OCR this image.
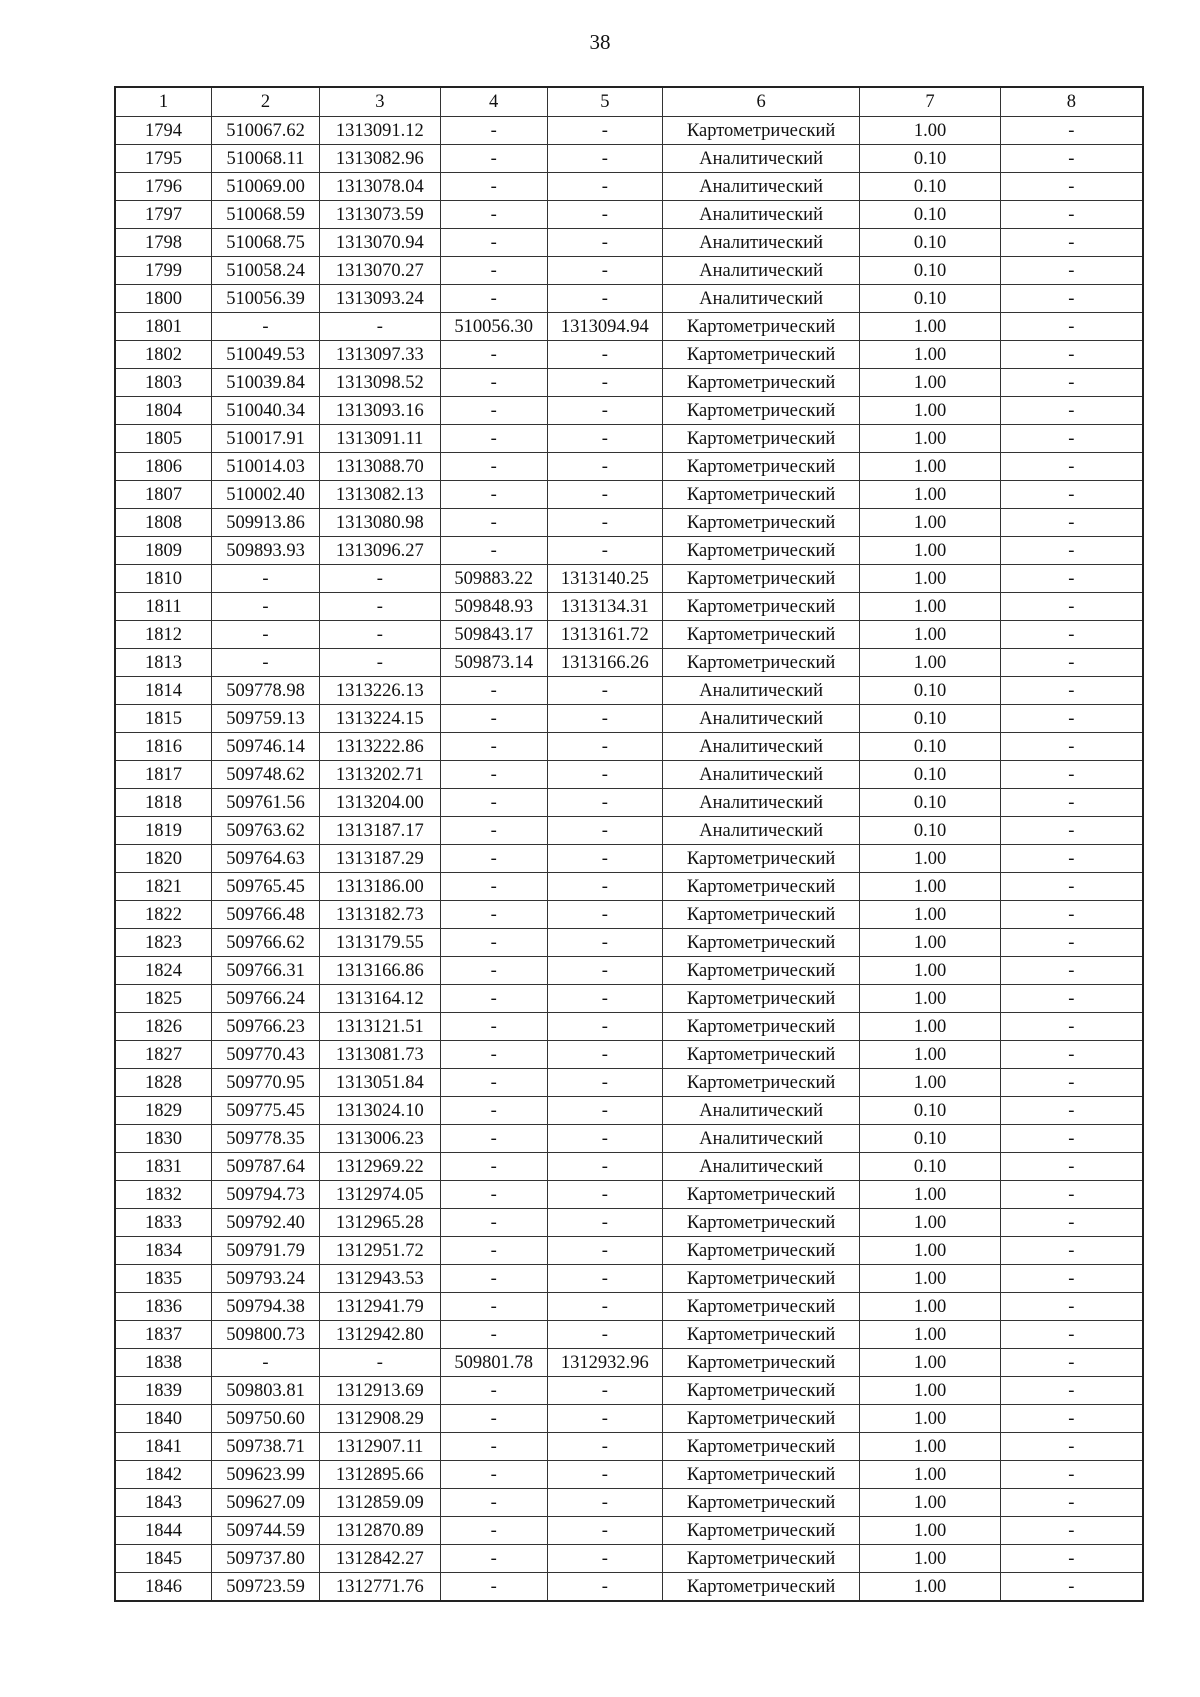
38
1	2	3	4	5	6	7	8
1794	510067.62	1313091.12	-	-	Картометрический	1.00	-
1795	510068.11	1313082.96	-	-	Аналитический	0.10	-
1796	510069.00	1313078.04	-	-	Аналитический	0.10	-
1797	510068.59	1313073.59	-	-	Аналитический	0.10	-
1798	510068.75	1313070.94	-	-	Аналитический	0.10	-
1799	510058.24	1313070.27	-	-	Аналитический	0.10	-
1800	510056.39	1313093.24	-	-	Аналитический	0.10	-
1801	-	-	510056.30	1313094.94	Картометрический	1.00	-
1802	510049.53	1313097.33	-	-	Картометрический	1.00	-
1803	510039.84	1313098.52	-	-	Картометрический	1.00	-
1804	510040.34	1313093.16	-	-	Картометрический	1.00	-
1805	510017.91	1313091.11	-	-	Картометрический	1.00	-
1806	510014.03	1313088.70	-	-	Картометрический	1.00	-
1807	510002.40	1313082.13	-	-	Картометрический	1.00	-
1808	509913.86	1313080.98	-	-	Картометрический	1.00	-
1809	509893.93	1313096.27	-	-	Картометрический	1.00	-
1810	-	-	509883.22	1313140.25	Картометрический	1.00	-
1811	-	-	509848.93	1313134.31	Картометрический	1.00	-
1812	-	-	509843.17	1313161.72	Картометрический	1.00	-
1813	-	-	509873.14	1313166.26	Картометрический	1.00	-
1814	509778.98	1313226.13	-	-	Аналитический	0.10	-
1815	509759.13	1313224.15	-	-	Аналитический	0.10	-
1816	509746.14	1313222.86	-	-	Аналитический	0.10	-
1817	509748.62	1313202.71	-	-	Аналитический	0.10	-
1818	509761.56	1313204.00	-	-	Аналитический	0.10	-
1819	509763.62	1313187.17	-	-	Аналитический	0.10	-
1820	509764.63	1313187.29	-	-	Картометрический	1.00	-
1821	509765.45	1313186.00	-	-	Картометрический	1.00	-
1822	509766.48	1313182.73	-	-	Картометрический	1.00	-
1823	509766.62	1313179.55	-	-	Картометрический	1.00	-
1824	509766.31	1313166.86	-	-	Картометрический	1.00	-
1825	509766.24	1313164.12	-	-	Картометрический	1.00	-
1826	509766.23	1313121.51	-	-	Картометрический	1.00	-
1827	509770.43	1313081.73	-	-	Картометрический	1.00	-
1828	509770.95	1313051.84	-	-	Картометрический	1.00	-
1829	509775.45	1313024.10	-	-	Аналитический	0.10	-
1830	509778.35	1313006.23	-	-	Аналитический	0.10	-
1831	509787.64	1312969.22	-	-	Аналитический	0.10	-
1832	509794.73	1312974.05	-	-	Картометрический	1.00	-
1833	509792.40	1312965.28	-	-	Картометрический	1.00	-
1834	509791.79	1312951.72	-	-	Картометрический	1.00	-
1835	509793.24	1312943.53	-	-	Картометрический	1.00	-
1836	509794.38	1312941.79	-	-	Картометрический	1.00	-
1837	509800.73	1312942.80	-	-	Картометрический	1.00	-
1838	-	-	509801.78	1312932.96	Картометрический	1.00	-
1839	509803.81	1312913.69	-	-	Картометрический	1.00	-
1840	509750.60	1312908.29	-	-	Картометрический	1.00	-
1841	509738.71	1312907.11	-	-	Картометрический	1.00	-
1842	509623.99	1312895.66	-	-	Картометрический	1.00	-
1843	509627.09	1312859.09	-	-	Картометрический	1.00	-
1844	509744.59	1312870.89	-	-	Картометрический	1.00	-
1845	509737.80	1312842.27	-	-	Картометрический	1.00	-
1846	509723.59	1312771.76	-	-	Картометрический	1.00	-
